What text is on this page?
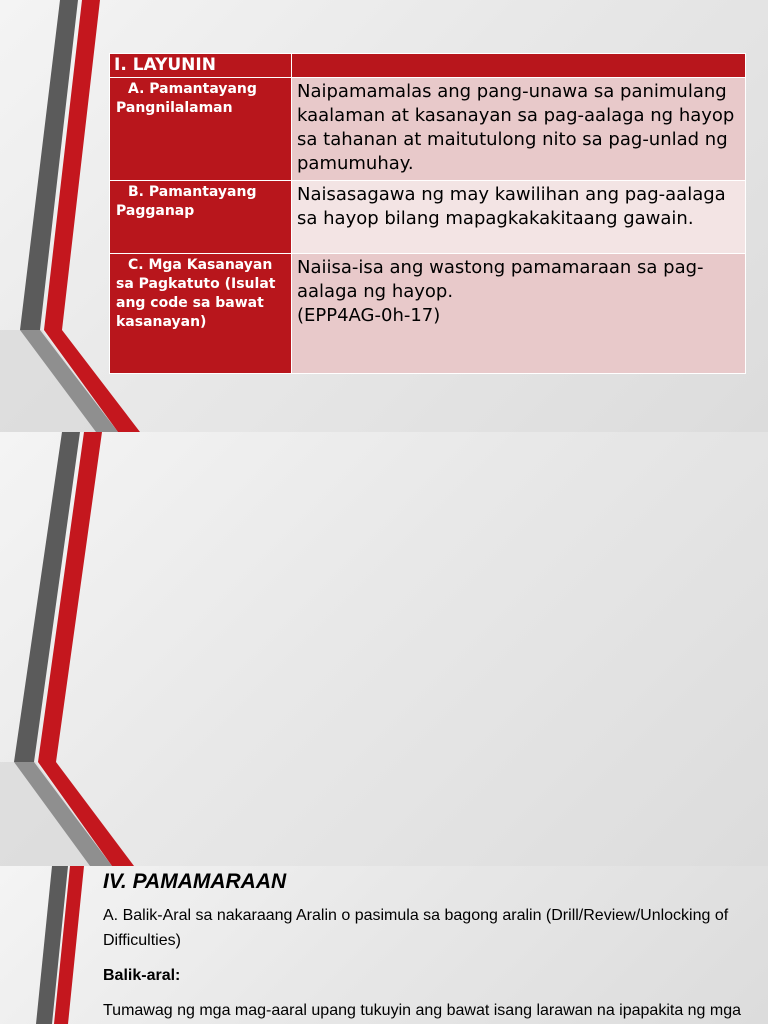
I. LAYUNIN	
A. Pamantayang Pangnilalaman	Naipamamalas ang pang-unawa sa panimulang kaalaman at kasanayan sa pag-aalaga ng hayop sa tahanan at maitutulong nito sa pag-unlad ng pamumuhay.
B. Pamantayang Pagganap	Naisasagawa ng may kawilihan ang pag-aalaga sa hayop bilang mapagkakakitaang gawain.
C. Mga Kasanayan sa Pagkatuto (Isulat ang code sa bawat kasanayan)	Naiisa-isa ang wastong pamamaraan sa pag-aalaga ng hayop.
(EPP4AG-0h-17)

IV. PAMAMARAAN
A. Balik-Aral sa nakaraang Aralin o pasimula sa bagong aralin (Drill/Review/Unlocking of Difficulties)
Balik-aral:
Tumawag ng mga mag-aaral upang tukuyin ang bawat isang larawan na ipapakita ng mga
